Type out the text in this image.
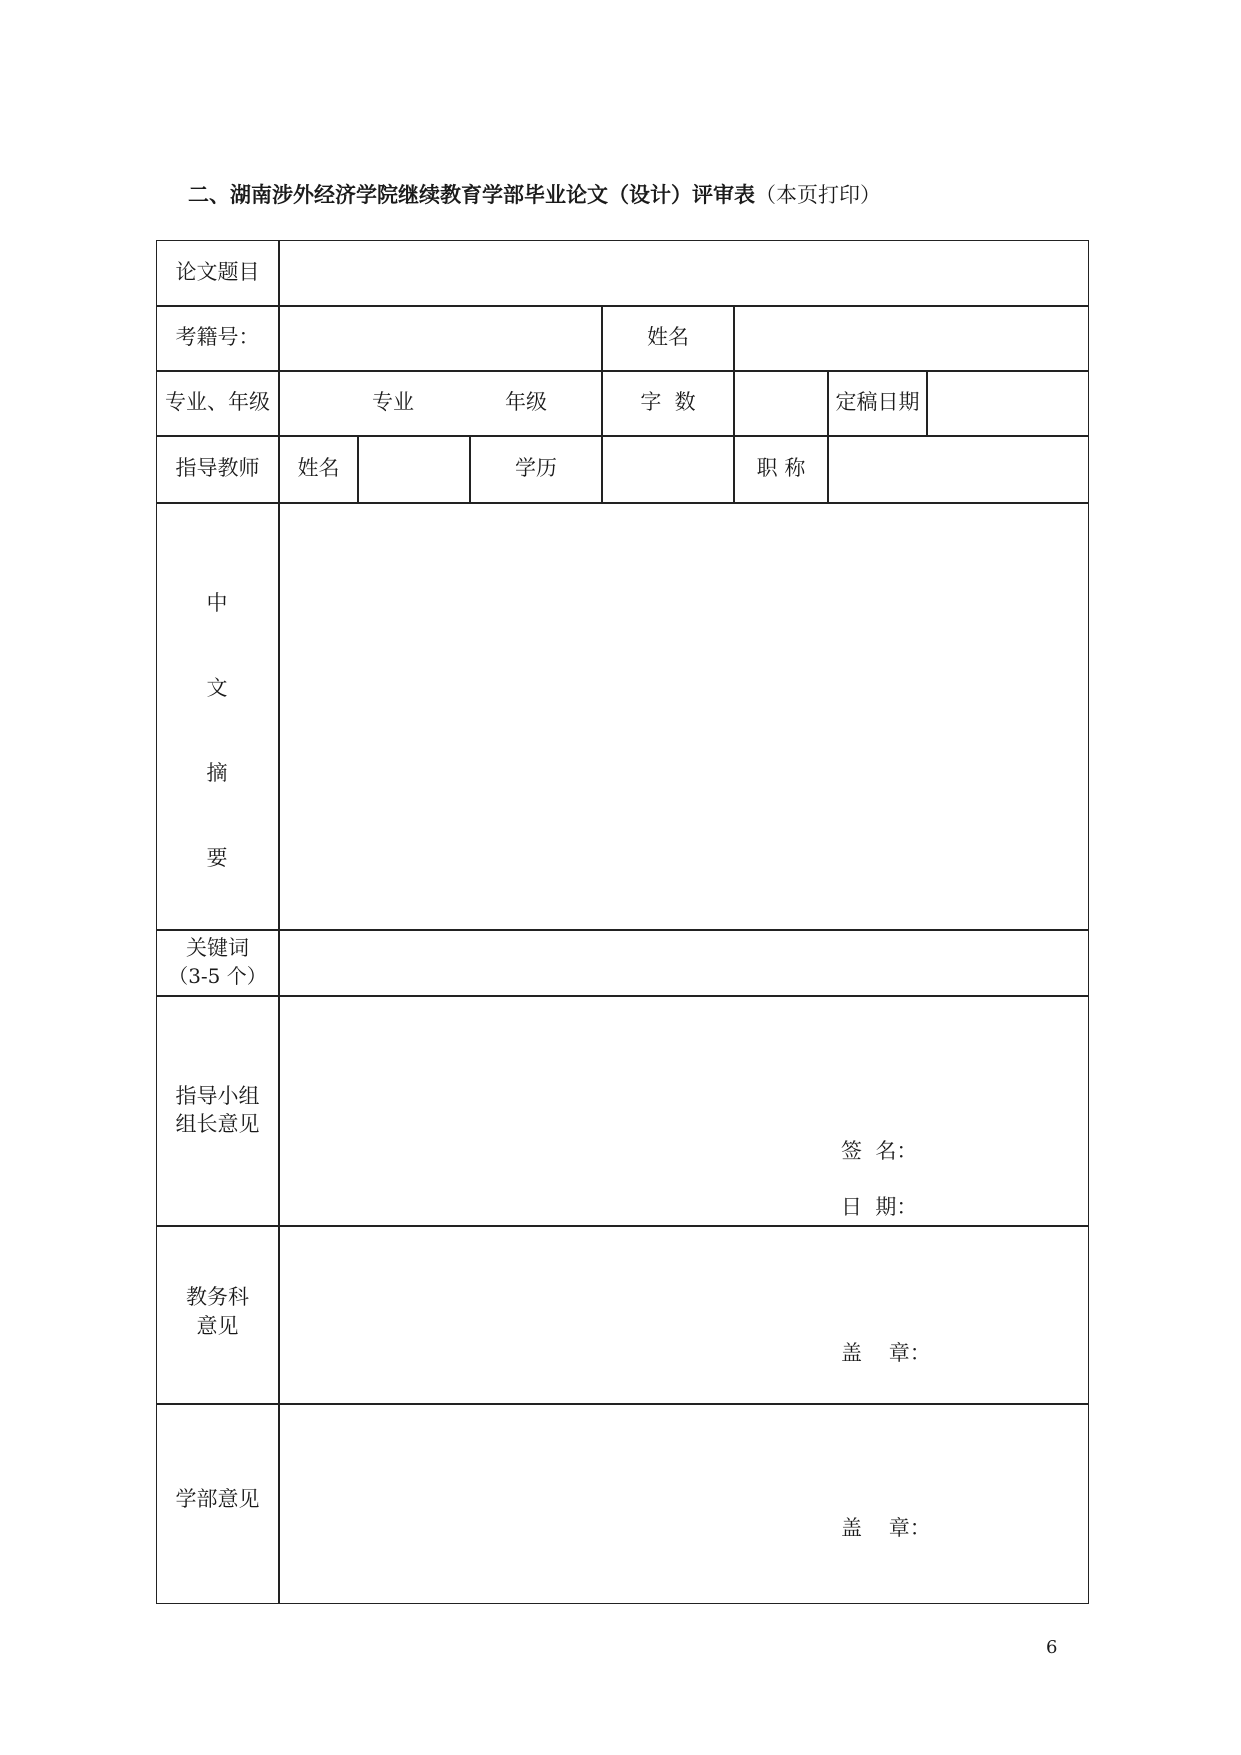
二、湖南涉外经济学院继续教育学部毕业论文（设计）评审表（本页打印）
论文题目
考籍号：	姓名
专业、年级	专业	年级	字  数	定稿日期
指导教师	姓名	学历	职 称
中
文
摘
要
关键词
（3-5 个）
指导小组
组长意见
签  名：
日  期：
教务科
意见
盖    章：
学部意见
盖    章：
6
